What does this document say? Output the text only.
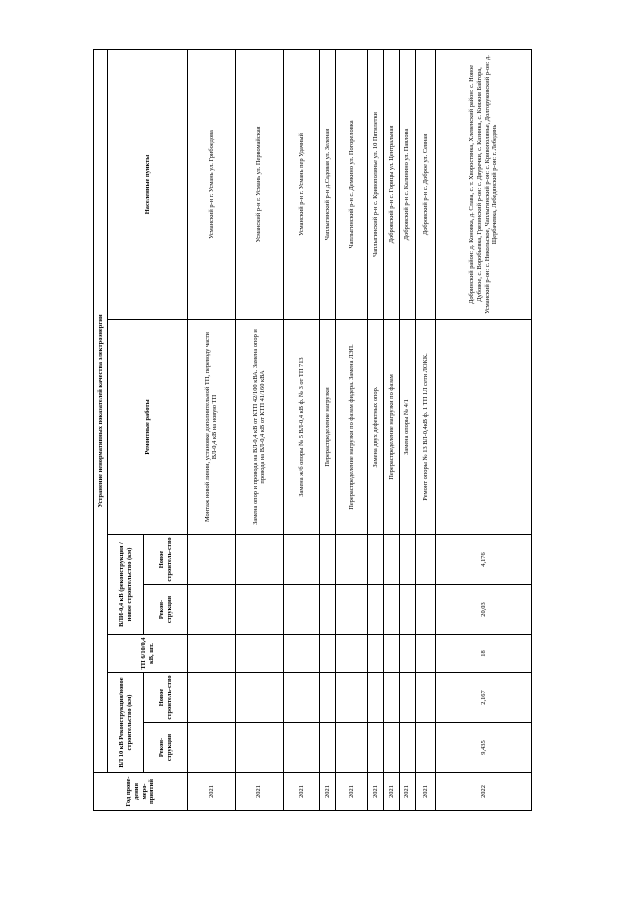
Год прове-дения меро-приятий	Устранение ненормативных показателей качества электроэнергии						
	ВЛ 10 кВ Реконструкция/новое строительство (км)		ТП 6/10/0,4 кВ, шт.	ВЛИ-0,4 кВ (реконструкция / новое строительство (км)		Ремонтные работы	Населенные пункты
	Рекон-струкция	Новое строитель-ство		Рекон-струкция	Новое строитель-ство		
2021						Монтаж новой линии, установке дополнительной ТП, переводу части ВЛ-0,4 кВ на новую ТП	Усманский р-н г. Усмань ул. Грибоедова
2021						Замена опор и провода на ВЛ-0,4 кВ от КТП 42/100 кВА. Замена опор и провода на ВЛ-0,4 кВ от КТП 41/160 кВА	Усманский р-н г. Усмань ул. Первомайская
2021						Замена ж/б опоры № 5 ВЛ-0,4 кВ ф. № 3 от ТП 713	Усманский р-н г. Усмань пер Удачный
2021						Перераспределение нагрузки	Чаплыгинский р-н д.Садовая ул. Зеленая
2021						Перераспределение нагрузки по фазам фидера. Замена ЛЭП.	Чаплыгинский р-н с. Демкино ул. Погореловка
2021						Замена двух дефектных опор.	Чаплыгинский р-н с. Кривополянье ул. 10 Пятилетки
2021						Перераспределение нагрузки по фазам	Добровский р-н с. Горицы ул. Центральная
2021						Замена опоры № 4/1	Добровский р-н с. Калинино ул. Павлова
2021						Ремонт опоры № 13 ВЛ-0,4кВ ф. 1 ТП 1Л сети ЛОКК.	Добровский р-н с. Доброе ул. Севная
2022	9,435	2,167	18	20,03	4,176		Добринский район: д. Коновка, д. Слава, с. т. Хворостянка, Хлевенский район: с. Новое Дубовое, с. Воробьевка, Грязинский р-он: с. Двуречки, с. Казинка, с. Княжня Байгора, Усманский р-он: с. Никольское, Чаплыгинский р-он: с. Кривополянье, Долгоруковский р-он: д. Щербачевка, Лебедянский р-он: г. Лебедянь
